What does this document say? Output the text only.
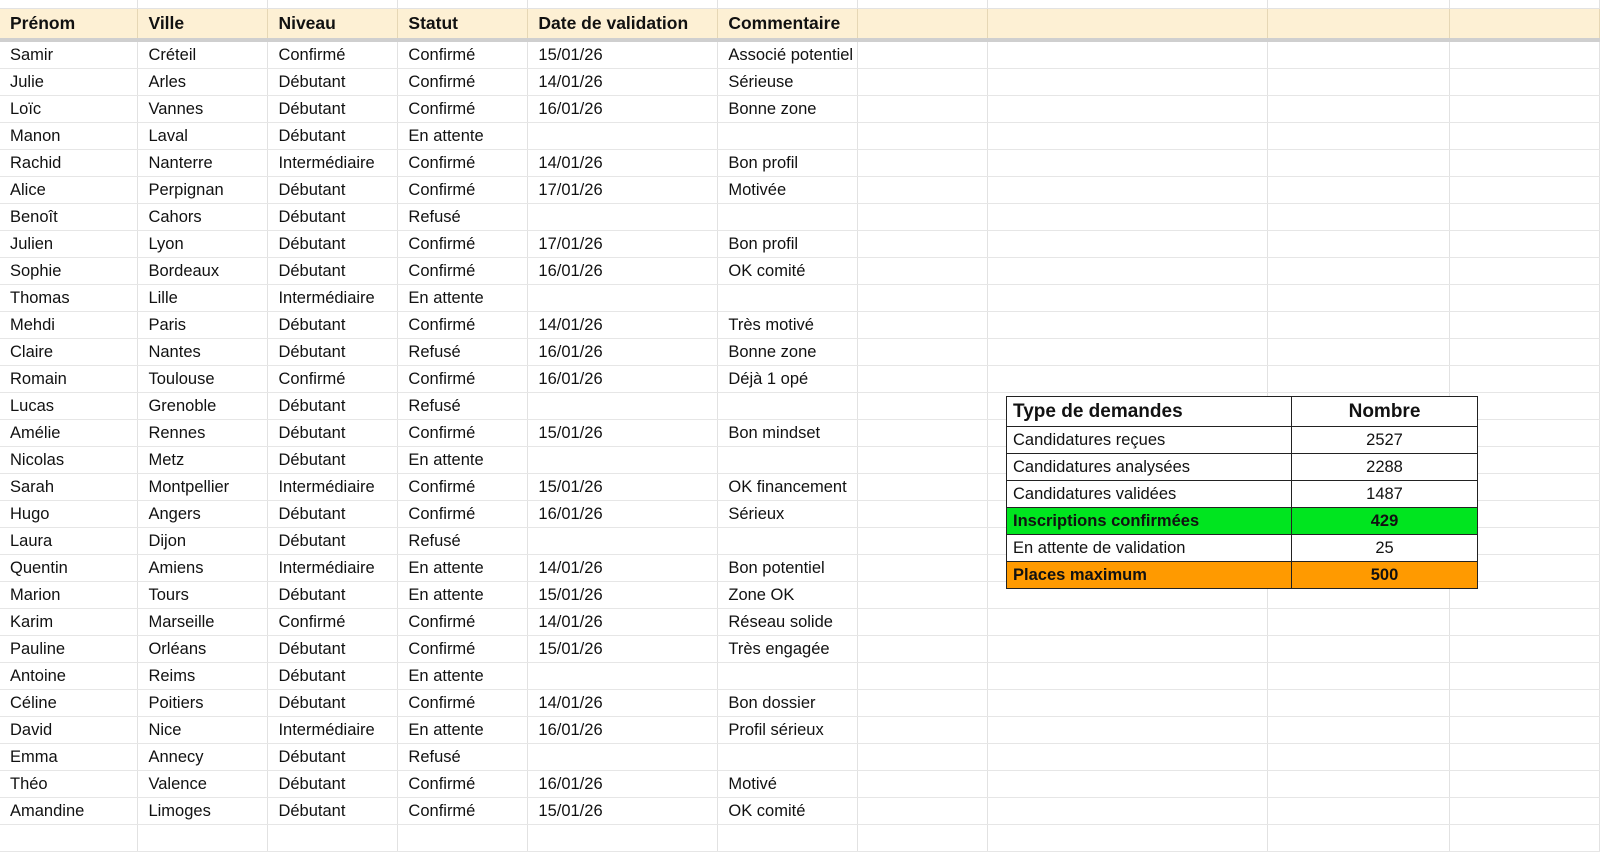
Prénom	Ville	Niveau	Statut	Date de validation	Commentaire				
Samir	Créteil	Confirmé	Confirmé	15/01/26	Associé potentiel				
Julie	Arles	Débutant	Confirmé	14/01/26	Sérieuse				
Loïc	Vannes	Débutant	Confirmé	16/01/26	Bonne zone				
Manon	Laval	Débutant	En attente						
Rachid	Nanterre	Intermédiaire	Confirmé	14/01/26	Bon profil				
Alice	Perpignan	Débutant	Confirmé	17/01/26	Motivée				
Benoît	Cahors	Débutant	Refusé						
Julien	Lyon	Débutant	Confirmé	17/01/26	Bon profil				
Sophie	Bordeaux	Débutant	Confirmé	16/01/26	OK comité				
Thomas	Lille	Intermédiaire	En attente						
Mehdi	Paris	Débutant	Confirmé	14/01/26	Très motivé				
Claire	Nantes	Débutant	Refusé	16/01/26	Bonne zone				
Romain	Toulouse	Confirmé	Confirmé	16/01/26	Déjà 1 opé				
Lucas	Grenoble	Débutant	Refusé						
Amélie	Rennes	Débutant	Confirmé	15/01/26	Bon mindset				
Nicolas	Metz	Débutant	En attente						
Sarah	Montpellier	Intermédiaire	Confirmé	15/01/26	OK financement				
Hugo	Angers	Débutant	Confirmé	16/01/26	Sérieux				
Laura	Dijon	Débutant	Refusé						
Quentin	Amiens	Intermédiaire	En attente	14/01/26	Bon potentiel				
Marion	Tours	Débutant	En attente	15/01/26	Zone OK				
Karim	Marseille	Confirmé	Confirmé	14/01/26	Réseau solide				
Pauline	Orléans	Débutant	Confirmé	15/01/26	Très engagée				
Antoine	Reims	Débutant	En attente						
Céline	Poitiers	Débutant	Confirmé	14/01/26	Bon dossier				
David	Nice	Intermédiaire	En attente	16/01/26	Profil sérieux				
Emma	Annecy	Débutant	Refusé						
Théo	Valence	Débutant	Confirmé	16/01/26	Motivé				
Amandine	Limoges	Débutant	Confirmé	15/01/26	OK comité				

Type de demandes	Nombre
Candidatures reçues	2527
Candidatures analysées	2288
Candidatures validées	1487
Inscriptions confirmées	429
En attente de validation	25
Places maximum	500
